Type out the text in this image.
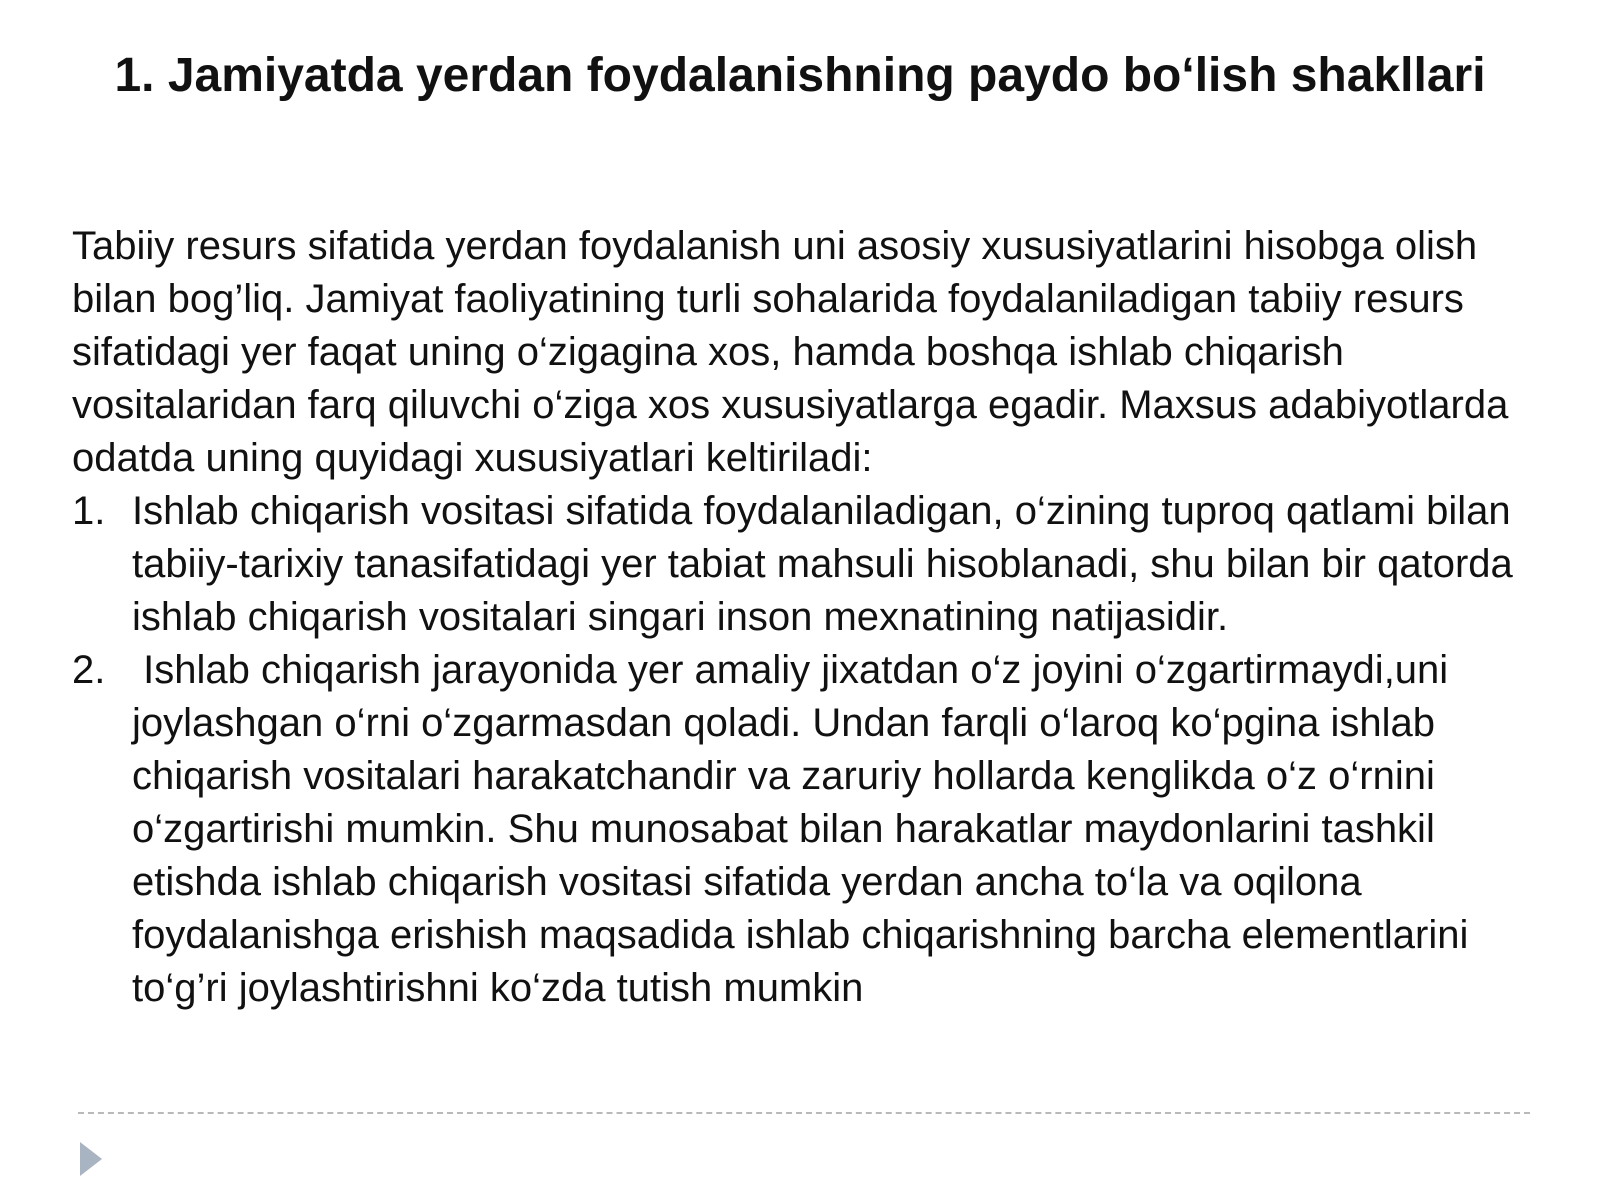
1. Jamiyatda yerdan foydalanishning paydo bo‘lish shakllari

Tabiiy resurs sifatida yerdan foydalanish uni asosiy xususiyatlarini hisobga olish bilan bog’liq. Jamiyat faoliyatining turli sohalarida foydalaniladigan tabiiy resurs sifatidagi yer faqat uning o‘zigagina xos, hamda boshqa ishlab chiqarish vositalaridan farq qiluvchi o‘ziga xos xususiyatlarga egadir. Maxsus adabiyotlarda odatda uning quyidagi xususiyatlari keltiriladi:

1. Ishlab chiqarish vositasi sifatida foydalaniladigan, o‘zining tuproq qatlami bilan tabiiy-tarixiy tanasifatidagi yer tabiat mahsuli hisoblanadi, shu bilan bir qatorda ishlab chiqarish vositalari singari inson mexnatining natijasidir.
2. Ishlab chiqarish jarayonida yer amaliy jixatdan o‘z joyini o‘zgartirmaydi,uni joylashgan o‘rni o‘zgarmasdan qoladi. Undan farqli o‘laroq ko‘pgina ishlab chiqarish vositalari harakatchandir va zaruriy hollarda kenglikda o‘z o‘rnini o‘zgartirishi mumkin. Shu munosabat bilan harakatlar maydonlarini tashkil etishda ishlab chiqarish vositasi sifatida yerdan ancha to‘la va oqilona foydalanishga erishish maqsadida ishlab chiqarishning barcha elementlarini to‘g’ri joylashtirishni ko‘zda tutish mumkin
